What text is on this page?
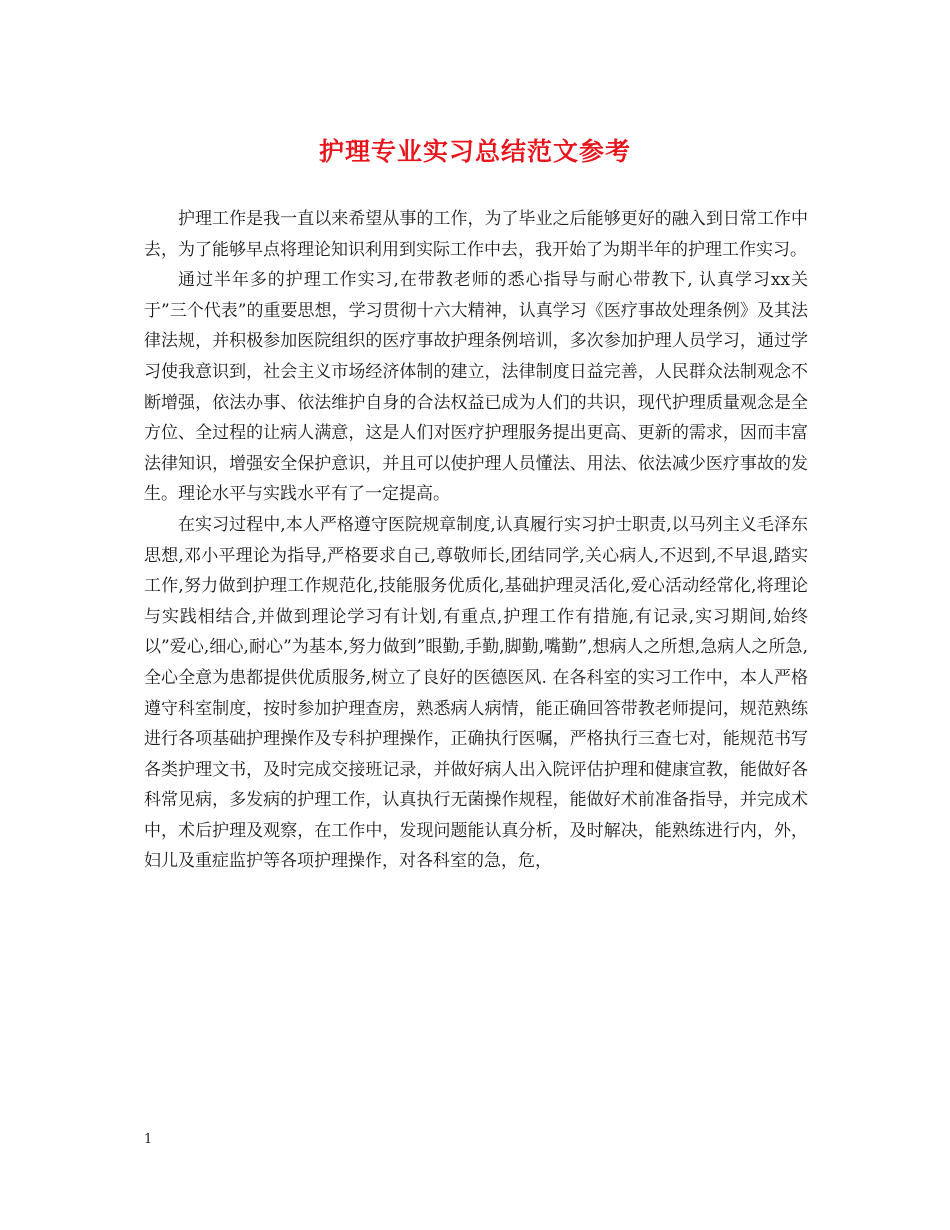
护理专业实习总结范文参考

护理工作是我一直以来希望从事的工作，为了毕业之后能够更好的融入到日常工作中去，为了能够早点将理论知识利用到实际工作中去，我开始了为期半年的护理工作实习。

通过半年多的护理工作实习,在带教老师的悉心指导与耐心带教下, 认真学习xx关于”三个代表”的重要思想，学习贯彻十六大精神，认真学习《医疗事故处理条例》及其法律法规，并积极参加医院组织的医疗事故护理条例培训，多次参加护理人员学习，通过学习使我意识到，社会主义市场经济体制的建立，法律制度日益完善，人民群众法制观念不断增强，依法办事、依法维护自身的合法权益已成为人们的共识，现代护理质量观念是全方位、全过程的让病人满意，这是人们对医疗护理服务提出更高、更新的需求，因而丰富法律知识，增强安全保护意识，并且可以使护理人员懂法、用法、依法减少医疗事故的发生。理论水平与实践水平有了一定提高。

在实习过程中,本人严格遵守医院规章制度,认真履行实习护士职责,以马列主义毛泽东思想,邓小平理论为指导,严格要求自己,尊敬师长,团结同学,关心病人,不迟到,不早退,踏实工作,努力做到护理工作规范化,技能服务优质化,基础护理灵活化,爱心活动经常化,将理论与实践相结合,并做到理论学习有计划,有重点,护理工作有措施,有记录,实习期间,始终以”爱心,细心,耐心”为基本,努力做到”眼勤,手勤,脚勤,嘴勤”,想病人之所想,急病人之所急,全心全意为患都提供优质服务,树立了良好的医德医风. 在各科室的实习工作中，本人严格遵守科室制度，按时参加护理查房，熟悉病人病情，能正确回答带教老师提问，规范熟练进行各项基础护理操作及专科护理操作，正确执行医嘱，严格执行三查七对，能规范书写各类护理文书，及时完成交接班记录，并做好病人出入院评估护理和健康宣教，能做好各科常见病，多发病的护理工作，认真执行无菌操作规程，能做好术前准备指导，并完成术中，术后护理及观察，在工作中，发现问题能认真分析，及时解决，能熟练进行内，外，妇儿及重症监护等各项护理操作，对各科室的急，危，

1
